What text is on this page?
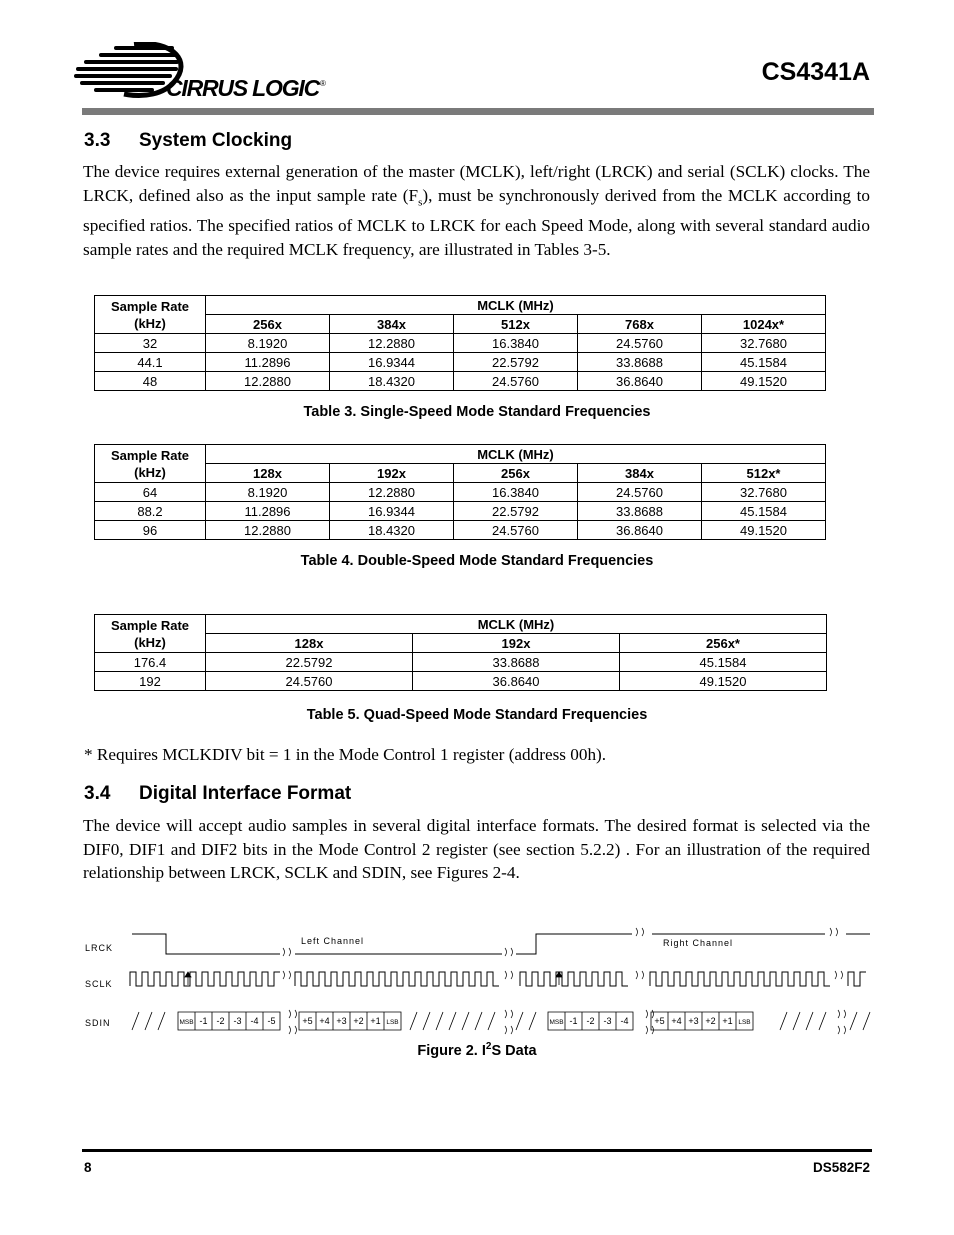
CIRRUS LOGIC ®	CS4341A
3.3 System Clocking

The device requires external generation of the master (MCLK), left/right (LRCK) and serial (SCLK) clocks. The LRCK, defined also as the input sample rate $(F_s)$, must be synchronously derived from the MCLK according to specified ratios. The specified ratios of MCLK to LRCK for each Speed Mode, along with several standard audio sample rates and the required MCLK frequency, are illustrated in Tables 3-5.

Sample Rate (kHz)	MCLK (MHz)				
	256x	384x	512x	768x	1024x*
32	8.1920	12.2880	16.3840	24.5760	32.7680
44.1	11.2896	16.9344	22.5792	33.8688	45.1584
48	12.2880	18.4320	24.5760	36.8640	49.1520

Table 3. Single-Speed Mode Standard Frequencies

Sample Rate (kHz)	MCLK (MHz)				
	128x	192x	256x	384x	512x*
64	8.1920	12.2880	16.3840	24.5760	32.7680
88.2	11.2896	16.9344	22.5792	33.8688	45.1584
96	12.2880	18.4320	24.5760	36.8640	49.1520

Table 4. Double-Speed Mode Standard Frequencies

Sample Rate (kHz)	MCLK (MHz)		
	128x	192x	256x*
176.4	22.5792	33.8688	45.1584
192	24.5760	36.8640	49.1520

Table 5. Quad-Speed Mode Standard Frequencies

* Requires MCLKDIV bit = 1 in the Mode Control 1 register (address 00h).

3.4 Digital Interface Format

The device will accept audio samples in several digital interface formats. The desired format is selected via the DIF0, DIF1 and DIF2 bits in the Mode Control 2 register (see section 5.2.2) . For an illustration of the required relationship between LRCK, SCLK and SDIN, see Figures 2-4.

LRCK
SCLK
SDIN
Left Channel	Right Channel
MSB -1 -2 -3 -4 -5	+5 +4 +3 +2 +1 LSB	MSB -1 -2 -3 -4	+5 +4 +3 +2 +1 LSB
Figure 2. $I^2S$ Data
8	DS582F2
